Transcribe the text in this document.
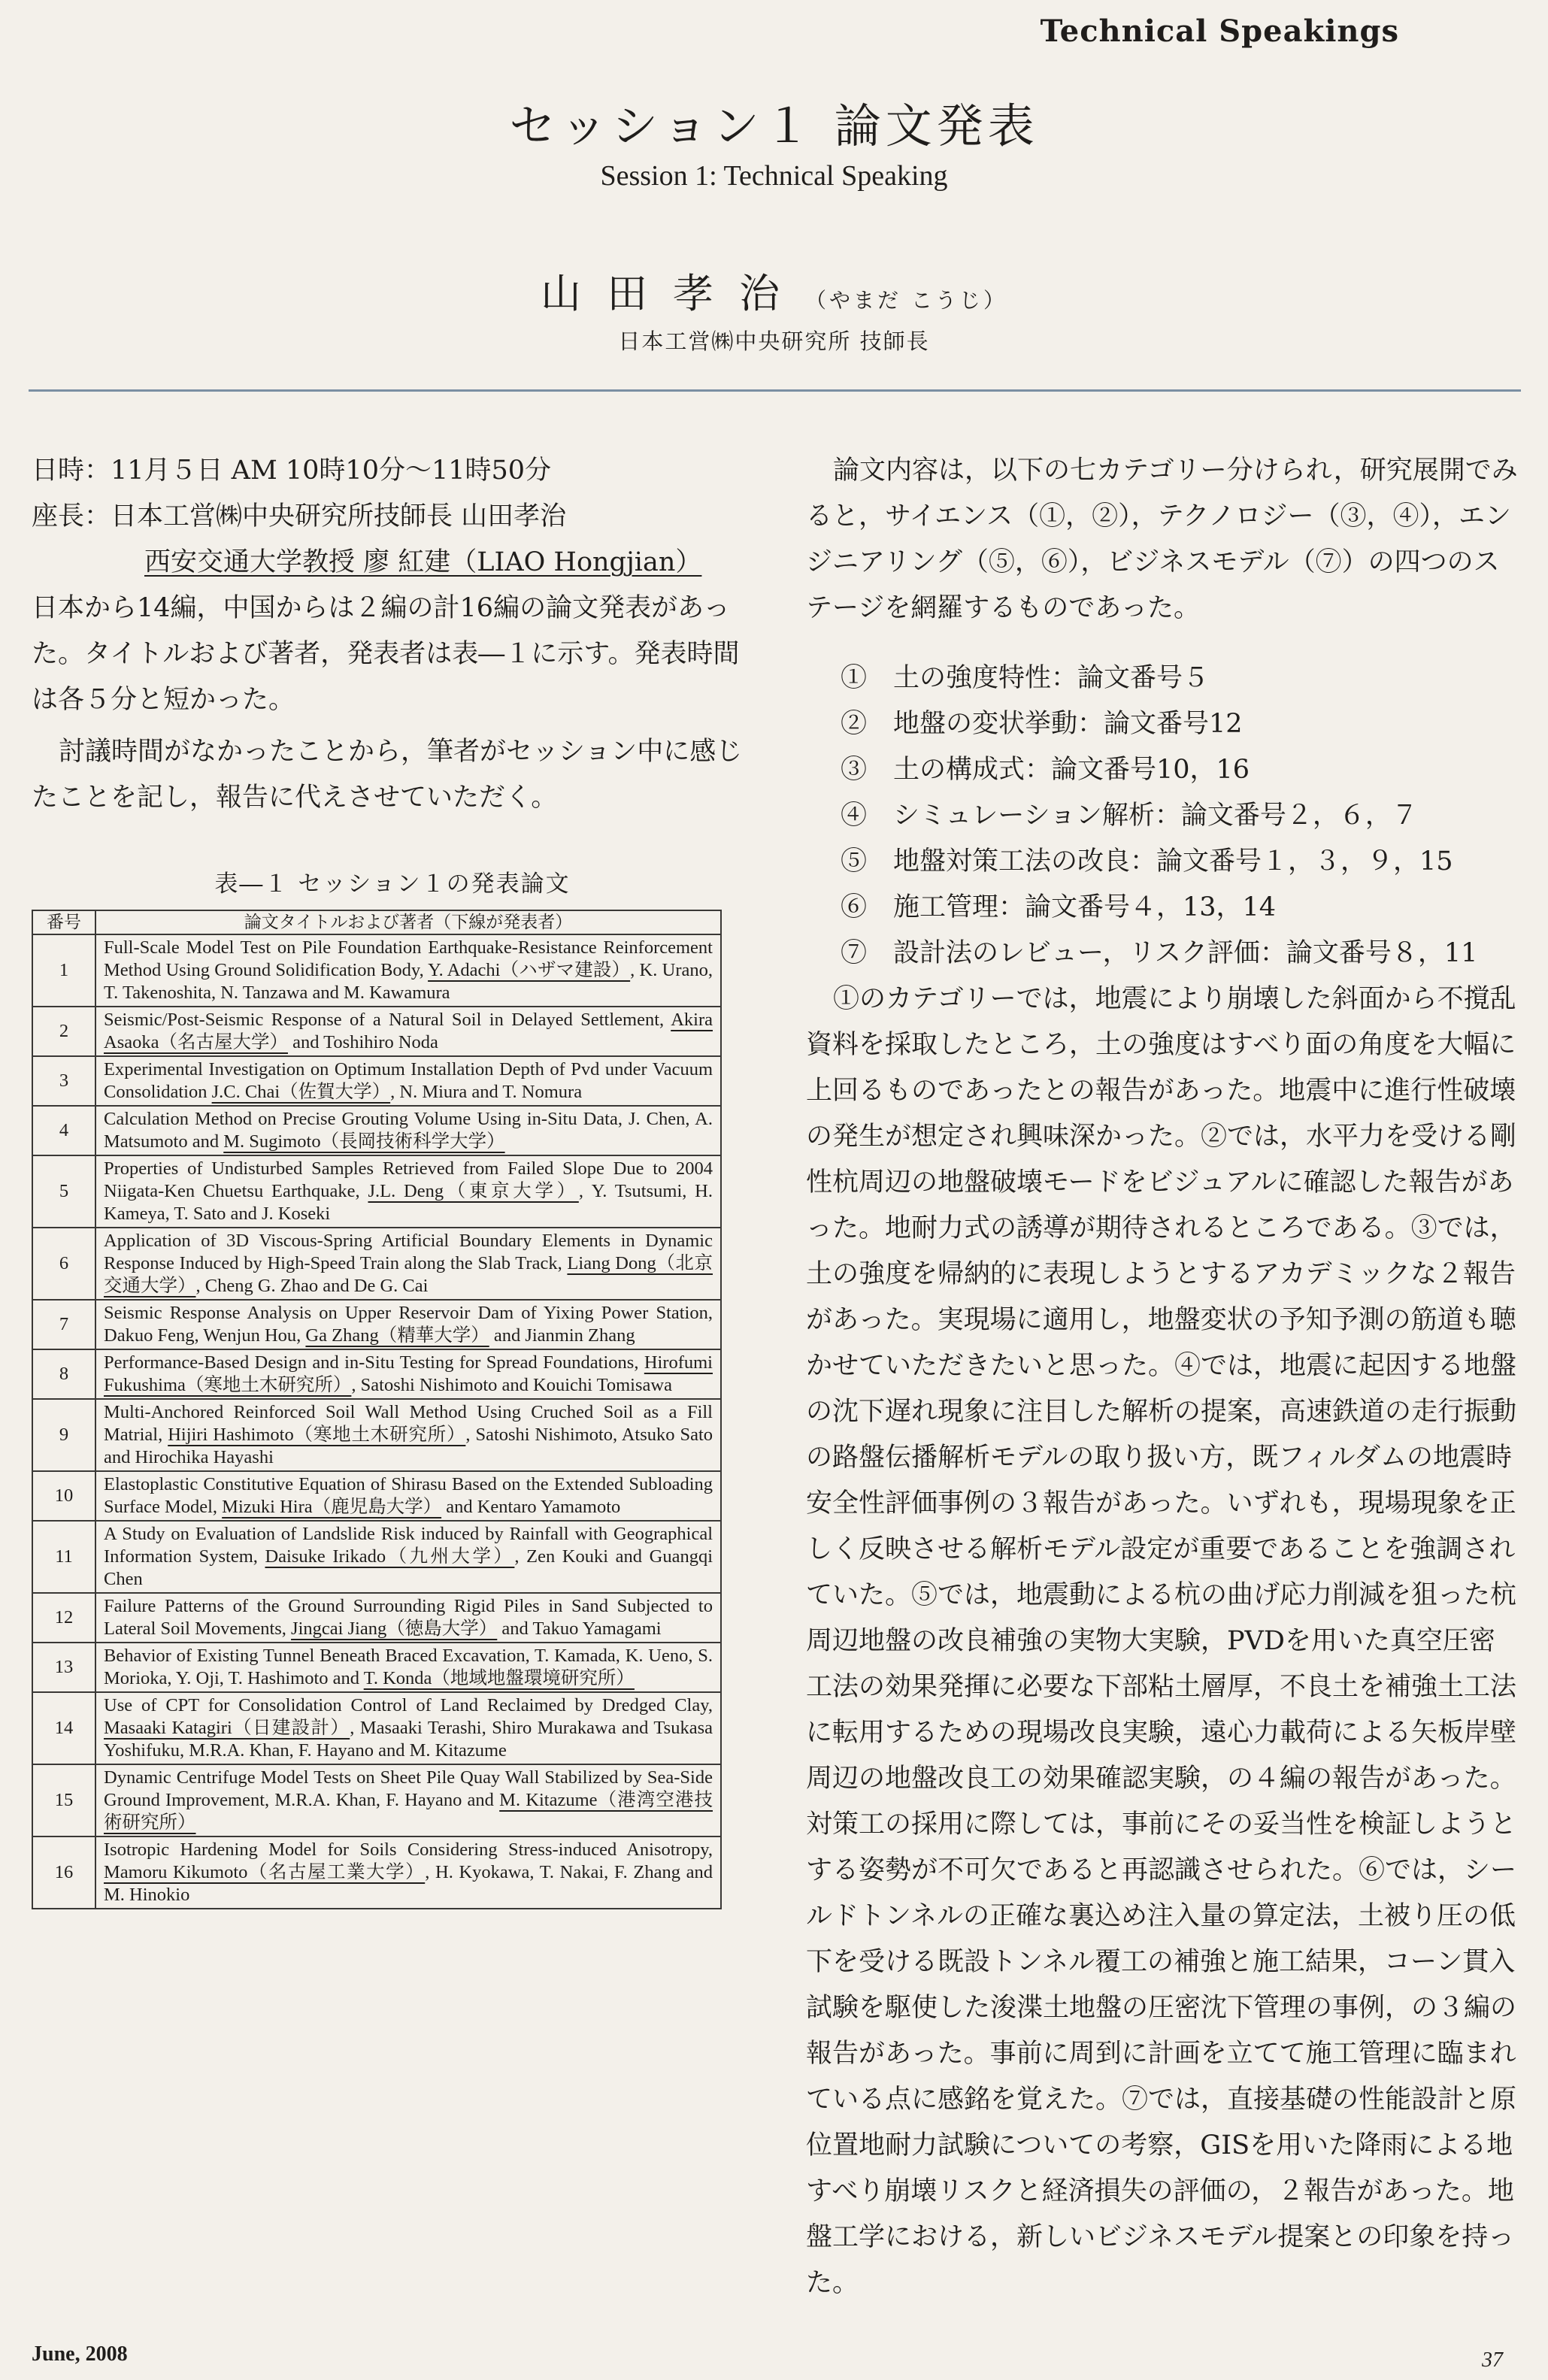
Technical Speakings
セッション１ 論文発表
Session 1: Technical Speaking
山田孝治（やまだ こうじ）
日本工営㈱中央研究所 技師長

日時：11月５日 AM 10時10分～11時50分

座長：日本工営㈱中央研究所技師長 山田孝治

西安交通大学教授 廖 紅建（LIAO Hongjian）

日本から14編，中国からは２編の計16編の論文発表があった。タイトルおよび著者，発表者は表―１に示す。発表時間は各５分と短かった。

討議時間がなかったことから，筆者がセッション中に感じたことを記し，報告に代えさせていただく。

表―１ セッション１の発表論文
番号	論文タイトルおよび著者（下線が発表者）
1	Full-Scale Model Test on Pile Foundation Earthquake-Resistance Reinforcement Method Using Ground Solidification Body, Y. Adachi（ハザマ建設）, K. Urano, T. Takenoshita, N. Tanzawa and M. Kawamura
2	Seismic/Post-Seismic Response of a Natural Soil in Delayed Settlement, Akira Asaoka（名古屋大学） and Toshihiro Noda
3	Experimental Investigation on Optimum Installation Depth of Pvd under Vacuum Consolidation J.C. Chai（佐賀大学）, N. Miura and T. Nomura
4	Calculation Method on Precise Grouting Volume Using in-Situ Data, J. Chen, A. Matsumoto and M. Sugimoto（長岡技術科学大学）
5	Properties of Undisturbed Samples Retrieved from Failed Slope Due to 2004 Niigata-Ken Chuetsu Earthquake, J.L. Deng（東京大学）, Y. Tsutsumi, H. Kameya, T. Sato and J. Koseki
6	Application of 3D Viscous-Spring Artificial Boundary Elements in Dynamic Response Induced by High-Speed Train along the Slab Track, Liang Dong（北京交通大学）, Cheng G. Zhao and De G. Cai
7	Seismic Response Analysis on Upper Reservoir Dam of Yixing Power Station, Dakuo Feng, Wenjun Hou, Ga Zhang（精華大学） and Jianmin Zhang
8	Performance-Based Design and in-Situ Testing for Spread Foundations, Hirofumi Fukushima（寒地土木研究所）, Satoshi Nishimoto and Kouichi Tomisawa
9	Multi-Anchored Reinforced Soil Wall Method Using Cruched Soil as a Fill Matrial, Hijiri Hashimoto（寒地土木研究所）, Satoshi Nishimoto, Atsuko Sato and Hirochika Hayashi
10	Elastoplastic Constitutive Equation of Shirasu Based on the Extended Subloading Surface Model, Mizuki Hira（鹿児島大学） and Kentaro Yamamoto
11	A Study on Evaluation of Landslide Risk induced by Rainfall with Geographical Information System, Daisuke Irikado（九州大学）, Zen Kouki and Guangqi Chen
12	Failure Patterns of the Ground Surrounding Rigid Piles in Sand Subjected to Lateral Soil Movements, Jingcai Jiang（徳島大学） and Takuo Yamagami
13	Behavior of Existing Tunnel Beneath Braced Excavation, T. Kamada, K. Ueno, S. Morioka, Y. Oji, T. Hashimoto and T. Konda（地域地盤環境研究所）
14	Use of CPT for Consolidation Control of Land Reclaimed by Dredged Clay, Masaaki Katagiri（日建設計）, Masaaki Terashi, Shiro Murakawa and Tsukasa Yoshifuku, M.R.A. Khan, F. Hayano and M. Kitazume
15	Dynamic Centrifuge Model Tests on Sheet Pile Quay Wall Stabilized by Sea-Side Ground Improvement, M.R.A. Khan, F. Hayano and M. Kitazume（港湾空港技術研究所）
16	Isotropic Hardening Model for Soils Considering Stress-induced Anisotropy, Mamoru Kikumoto（名古屋工業大学）, H. Kyokawa, T. Nakai, F. Zhang and M. Hinokio

論文内容は，以下の七カテゴリー分けられ，研究展開でみると，サイエンス（①，②），テクノロジー（③，④），エンジニアリング（⑤，⑥），ビジネスモデル（⑦）の四つのステージを網羅するものであった。

①　土の強度特性：論文番号５
②　地盤の変状挙動：論文番号12
③　土の構成式：論文番号10，16
④　シミュレーション解析：論文番号２，６，７
⑤　地盤対策工法の改良：論文番号１，３，９，15
⑥　施工管理：論文番号４，13，14
⑦　設計法のレビュー，リスク評価：論文番号８，11

①のカテゴリーでは，地震により崩壊した斜面から不撹乱資料を採取したところ，土の強度はすべり面の角度を大幅に上回るものであったとの報告があった。地震中に進行性破壊の発生が想定され興味深かった。②では，水平力を受ける剛性杭周辺の地盤破壊モードをビジュアルに確認した報告があった。地耐力式の誘導が期待されるところである。③では，土の強度を帰納的に表現しようとするアカデミックな２報告があった。実現場に適用し，地盤変状の予知予測の筋道も聴かせていただきたいと思った。④では，地震に起因する地盤の沈下遅れ現象に注目した解析の提案，高速鉄道の走行振動の路盤伝播解析モデルの取り扱い方，既フィルダムの地震時安全性評価事例の３報告があった。いずれも，現場現象を正しく反映させる解析モデル設定が重要であることを強調されていた。⑤では，地震動による杭の曲げ応力削減を狙った杭周辺地盤の改良補強の実物大実験，PVDを用いた真空圧密工法の効果発揮に必要な下部粘土層厚，不良土を補強土工法に転用するための現場改良実験，遠心力載荷による矢板岸壁周辺の地盤改良工の効果確認実験，の４編の報告があった。対策工の採用に際しては，事前にその妥当性を検証しようとする姿勢が不可欠であると再認識させられた。⑥では，シールドトンネルの正確な裏込め注入量の算定法，土被り圧の低下を受ける既設トンネル覆工の補強と施工結果，コーン貫入試験を駆使した浚渫土地盤の圧密沈下管理の事例，の３編の報告があった。事前に周到に計画を立てて施工管理に臨まれている点に感銘を覚えた。⑦では，直接基礎の性能設計と原位置地耐力試験についての考察，GISを用いた降雨による地すべり崩壊リスクと経済損失の評価の，２報告があった。地盤工学における，新しいビジネスモデル提案との印象を持った。

June, 2008	37
